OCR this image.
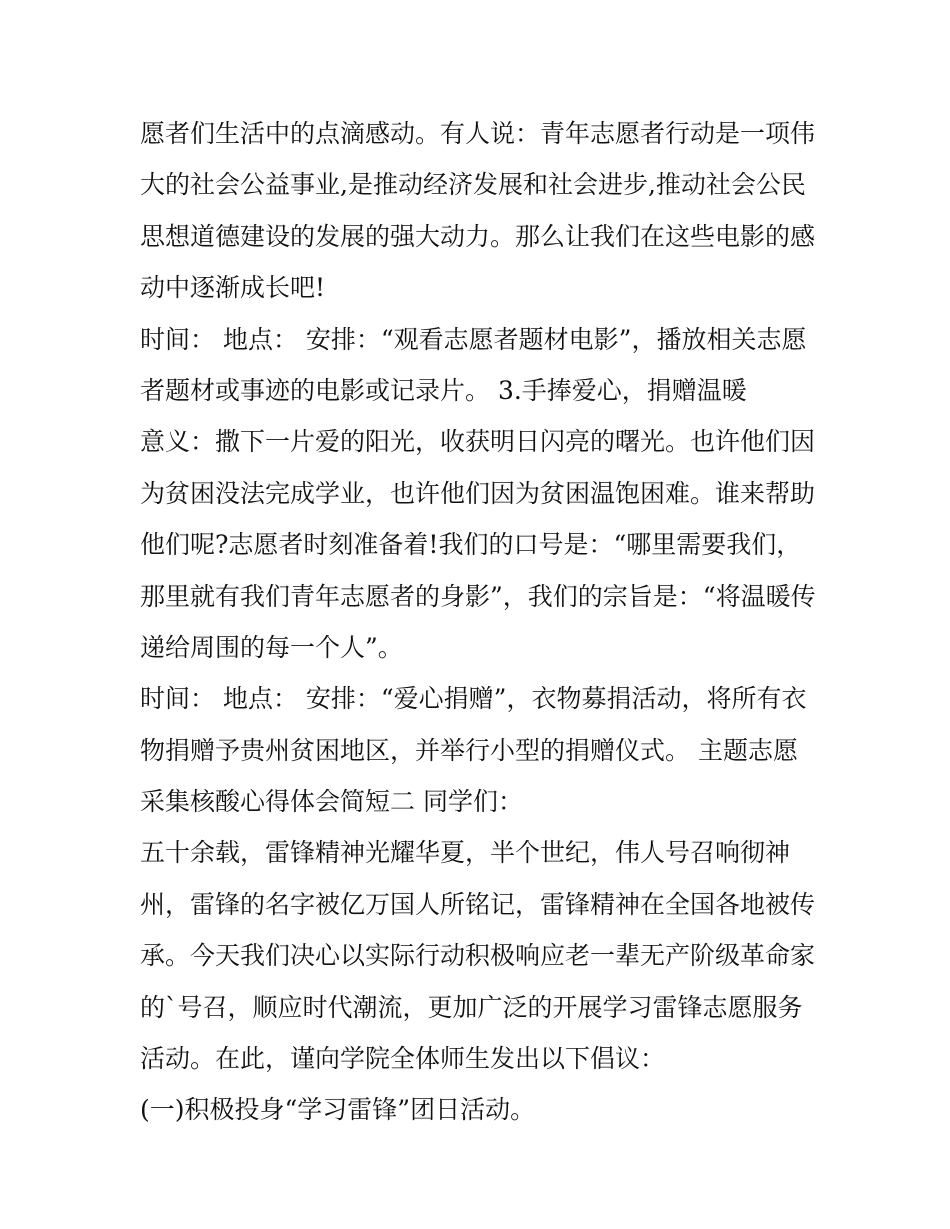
愿者们生活中的点滴感动。有人说：青年志愿者行动是一项伟
大的社会公益事业,是推动经济发展和社会进步,推动社会公民
思想道德建设的发展的强大动力。那么让我们在这些电影的感
动中逐渐成长吧!
时间： 地点： 安排：“观看志愿者题材电影”，播放相关志愿
者题材或事迹的电影或记录片。 3.手捧爱心，捐赠温暖
意义：撒下一片爱的阳光，收获明日闪亮的曙光。也许他们因
为贫困没法完成学业，也许他们因为贫困温饱困难。谁来帮助
他们呢?志愿者时刻准备着!我们的口号是：“哪里需要我们，
那里就有我们青年志愿者的身影”，我们的宗旨是：“将温暖传
递给周围的每一个人”。
时间： 地点： 安排：“爱心捐赠”，衣物募捐活动，将所有衣
物捐赠予贵州贫困地区，并举行小型的捐赠仪式。 主题志愿
采集核酸心得体会简短二 同学们：
五十余载，雷锋精神光耀华夏，半个世纪，伟人号召响彻神
州，雷锋的名字被亿万国人所铭记，雷锋精神在全国各地被传
承。今天我们决心以实际行动积极响应老一辈无产阶级革命家
的`号召，顺应时代潮流，更加广泛的开展学习雷锋志愿服务
活动。在此，谨向学院全体师生发出以下倡议：
(一)积极投身“学习雷锋”团日活动。
